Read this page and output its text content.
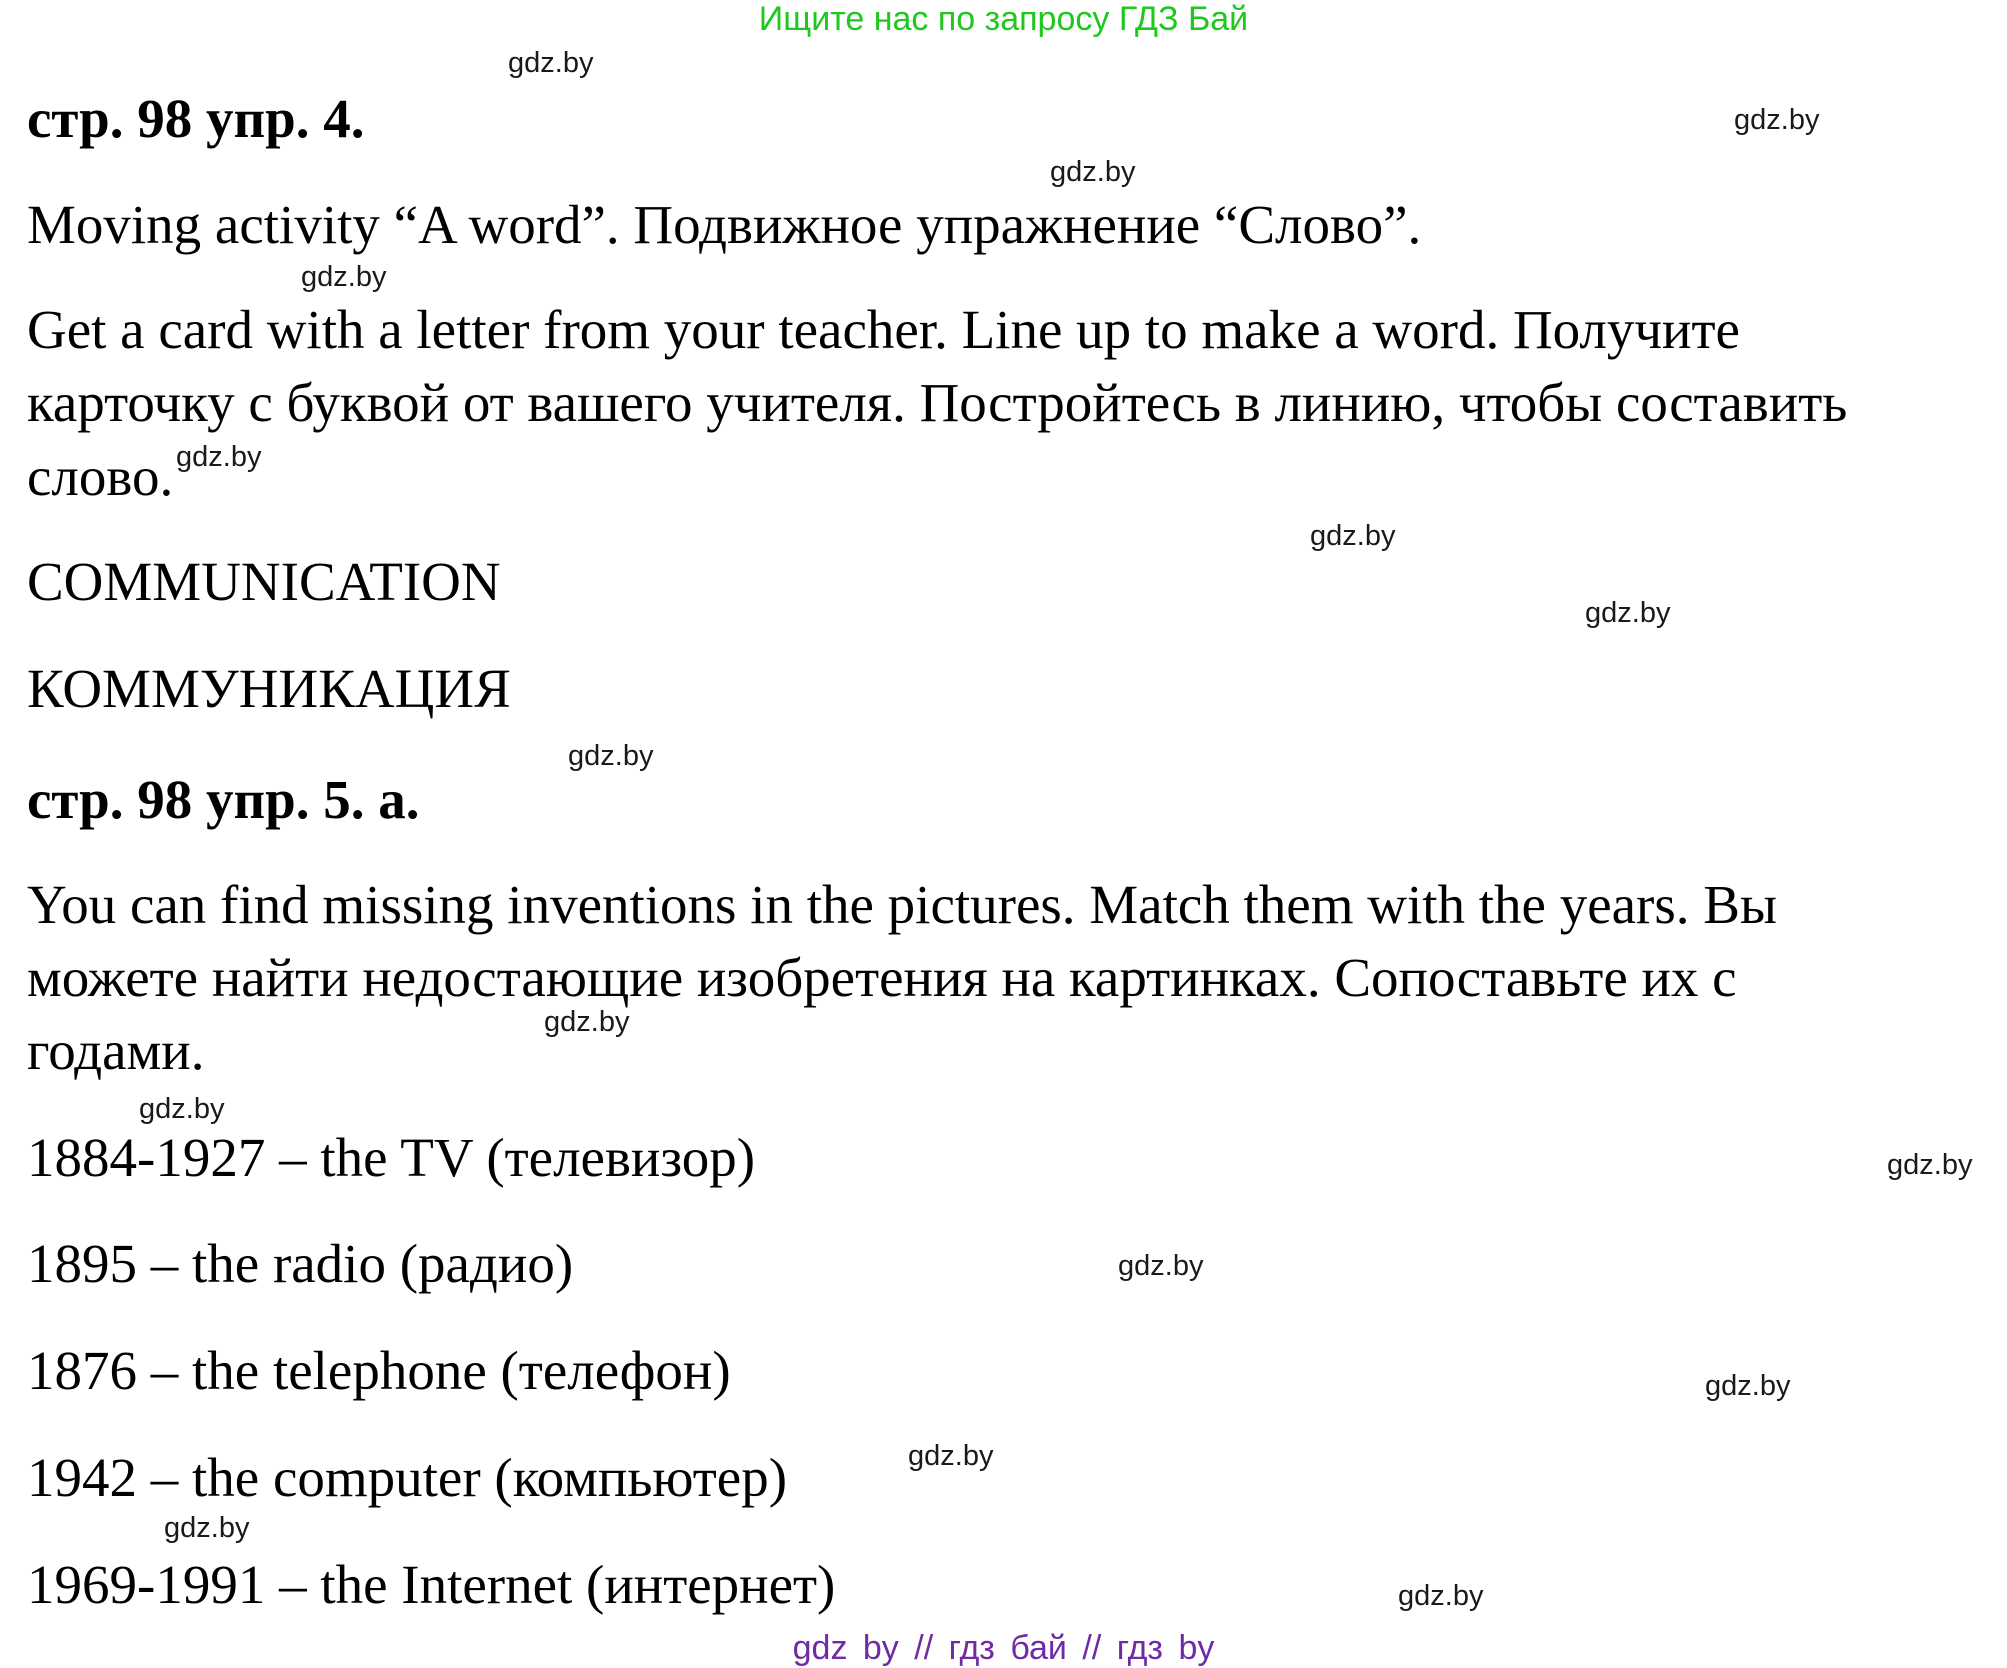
Ищите нас по запросу ГДЗ Бай

стр. 98 упр. 4.

Moving activity “A word”. Подвижное упражнение “Слово”.

Get a card with a letter from your teacher. Line up to make a word. Получите

карточку с буквой от вашего учителя. Постройтесь в линию, чтобы составить

слово.

COMMUNICATION

КОММУНИКАЦИЯ

стр. 98 упр. 5. а.

You can find missing inventions in the pictures. Match them with the years. Вы

можете найти недостающие изобретения на картинках. Сопоставьте их с

годами.

1884-1927 – the TV (телевизор)

1895 – the radio (радио)

1876 – the telephone (телефон)

1942 – the computer (компьютер)

1969-1991 – the Internet (интернет)

gdz.by
gdz.by
gdz.by
gdz.by
gdz.by
gdz.by
gdz.by
gdz.by
gdz.by
gdz.by
gdz.by
gdz.by
gdz.by
gdz.by
gdz.by
gdz.by
gdz by // гдз бай // гдз by
